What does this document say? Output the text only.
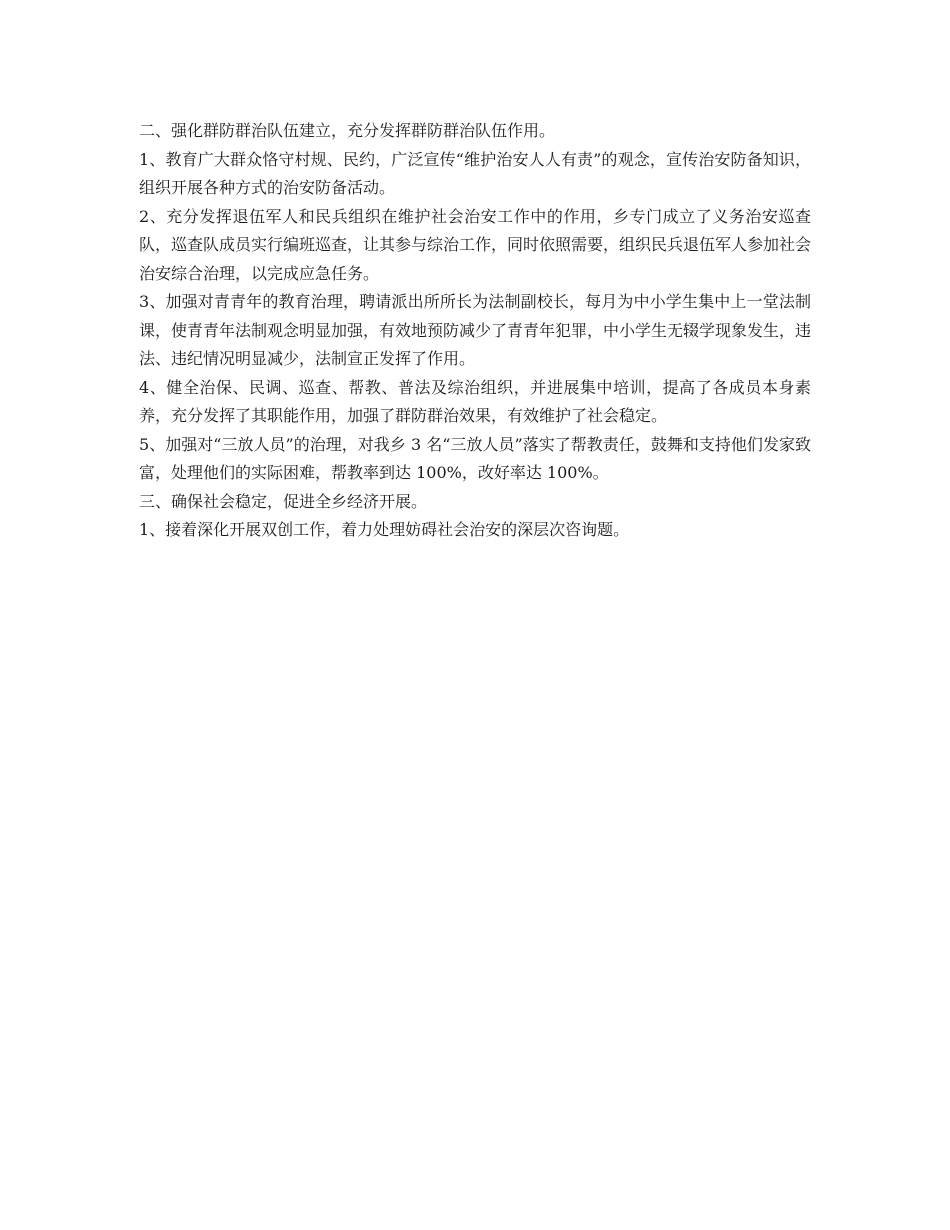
二、强化群防群治队伍建立，充分发挥群防群治队伍作用。

1、教育广大群众恪守村规、民约，广泛宣传“维护治安人人有责”的观念，宣传治安防备知识，组织开展各种方式的治安防备活动。

2、充分发挥退伍军人和民兵组织在维护社会治安工作中的作用，乡专门成立了义务治安巡查队，巡查队成员实行编班巡查，让其参与综治工作，同时依照需要，组织民兵退伍军人参加社会治安综合治理，以完成应急任务。

3、加强对青青年的教育治理，聘请派出所所长为法制副校长，每月为中小学生集中上一堂法制课，使青青年法制观念明显加强，有效地预防减少了青青年犯罪，中小学生无辍学现象发生，违法、违纪情况明显减少，法制宣正发挥了作用。

4、健全治保、民调、巡查、帮教、普法及综治组织，并进展集中培训，提高了各成员本身素养，充分发挥了其职能作用，加强了群防群治效果，有效维护了社会稳定。

5、加强对“三放人员”的治理，对我乡 3 名“三放人员”落实了帮教责任，鼓舞和支持他们发家致富，处理他们的实际困难，帮教率到达 100%，改好率达 100%。

三、确保社会稳定，促进全乡经济开展。

1、接着深化开展双创工作，着力处理妨碍社会治安的深层次咨询题。
